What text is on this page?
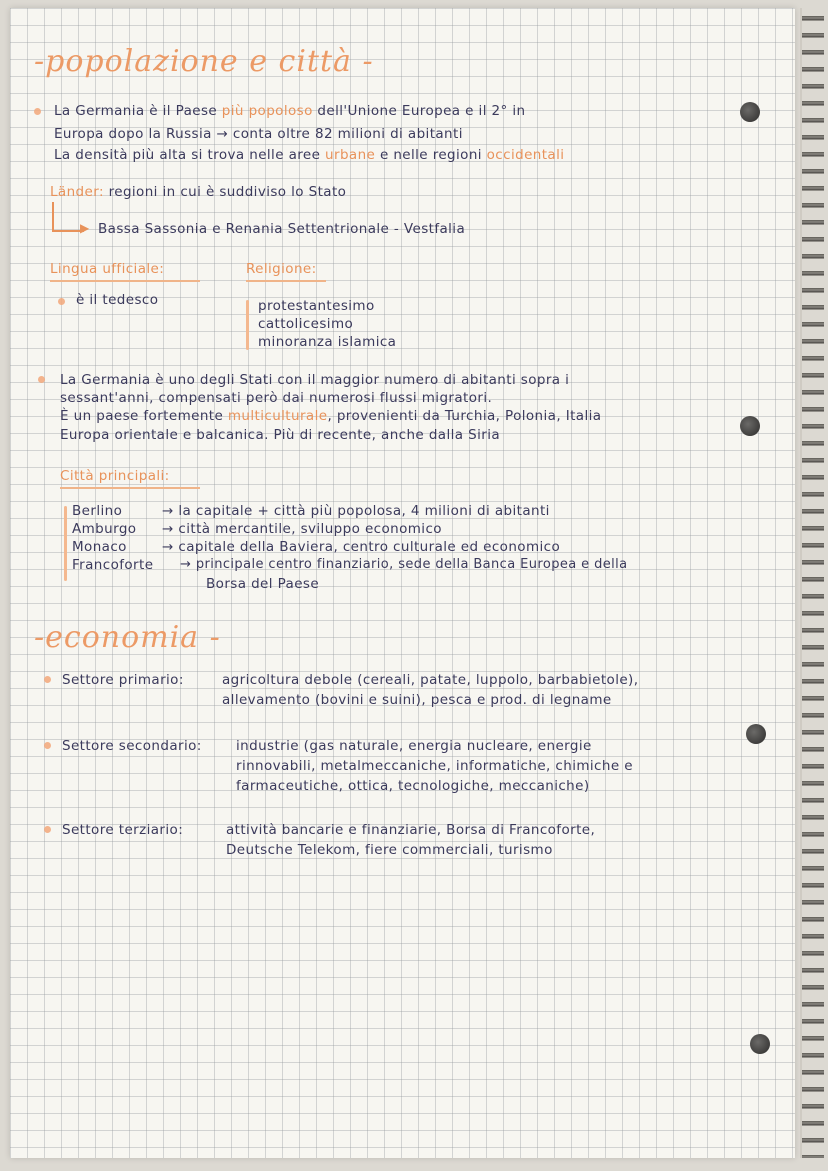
-popolazione e città -

La Germania è il Paese più popoloso dell'Unione Europea e il 2° in

Europa dopo la Russia → conta oltre 82 milioni di abitanti

La densità più alta si trova nelle aree urbane e nelle regioni occidentali

Länder: regioni in cui è suddiviso lo Stato

▶ Bassa Sassonia e Renania Settentrionale - Vestfalia

Lingua ufficiale:	Religione:

è il tedesco	protestantesimo

cattolicesimo

minoranza islamica

La Germania è uno degli Stati con il maggior numero di abitanti sopra i

sessant'anni, compensati però dai numerosi flussi migratori.

È un paese fortemente multiculturale, provenienti da Turchia, Polonia, Italia

Europa orientale e balcanica. Più di recente, anche dalla Siria

Città principali:

Berlino	→ la capitale + città più popolosa, 4 milioni di abitanti

Amburgo → città mercantile, sviluppo economico

Monaco	→ capitale della Baviera, centro culturale ed economico

Francoforte → principale centro finanziario, sede della Banca Europea e della

Borsa del Paese

-economia -

Settore primario:	agricoltura debole (cereali, patate, luppolo, barbabietole),

allevamento (bovini e suini), pesca e prod. di legname

Settore secondario:	industrie (gas naturale, energia nucleare, energie

rinnovabili, metalmeccaniche, informatiche, chimiche e

farmaceutiche, ottica, tecnologiche, meccaniche)

Settore terziario:	attività bancarie e finanziarie, Borsa di Francoforte,

Deutsche Telekom, fiere commerciali, turismo
